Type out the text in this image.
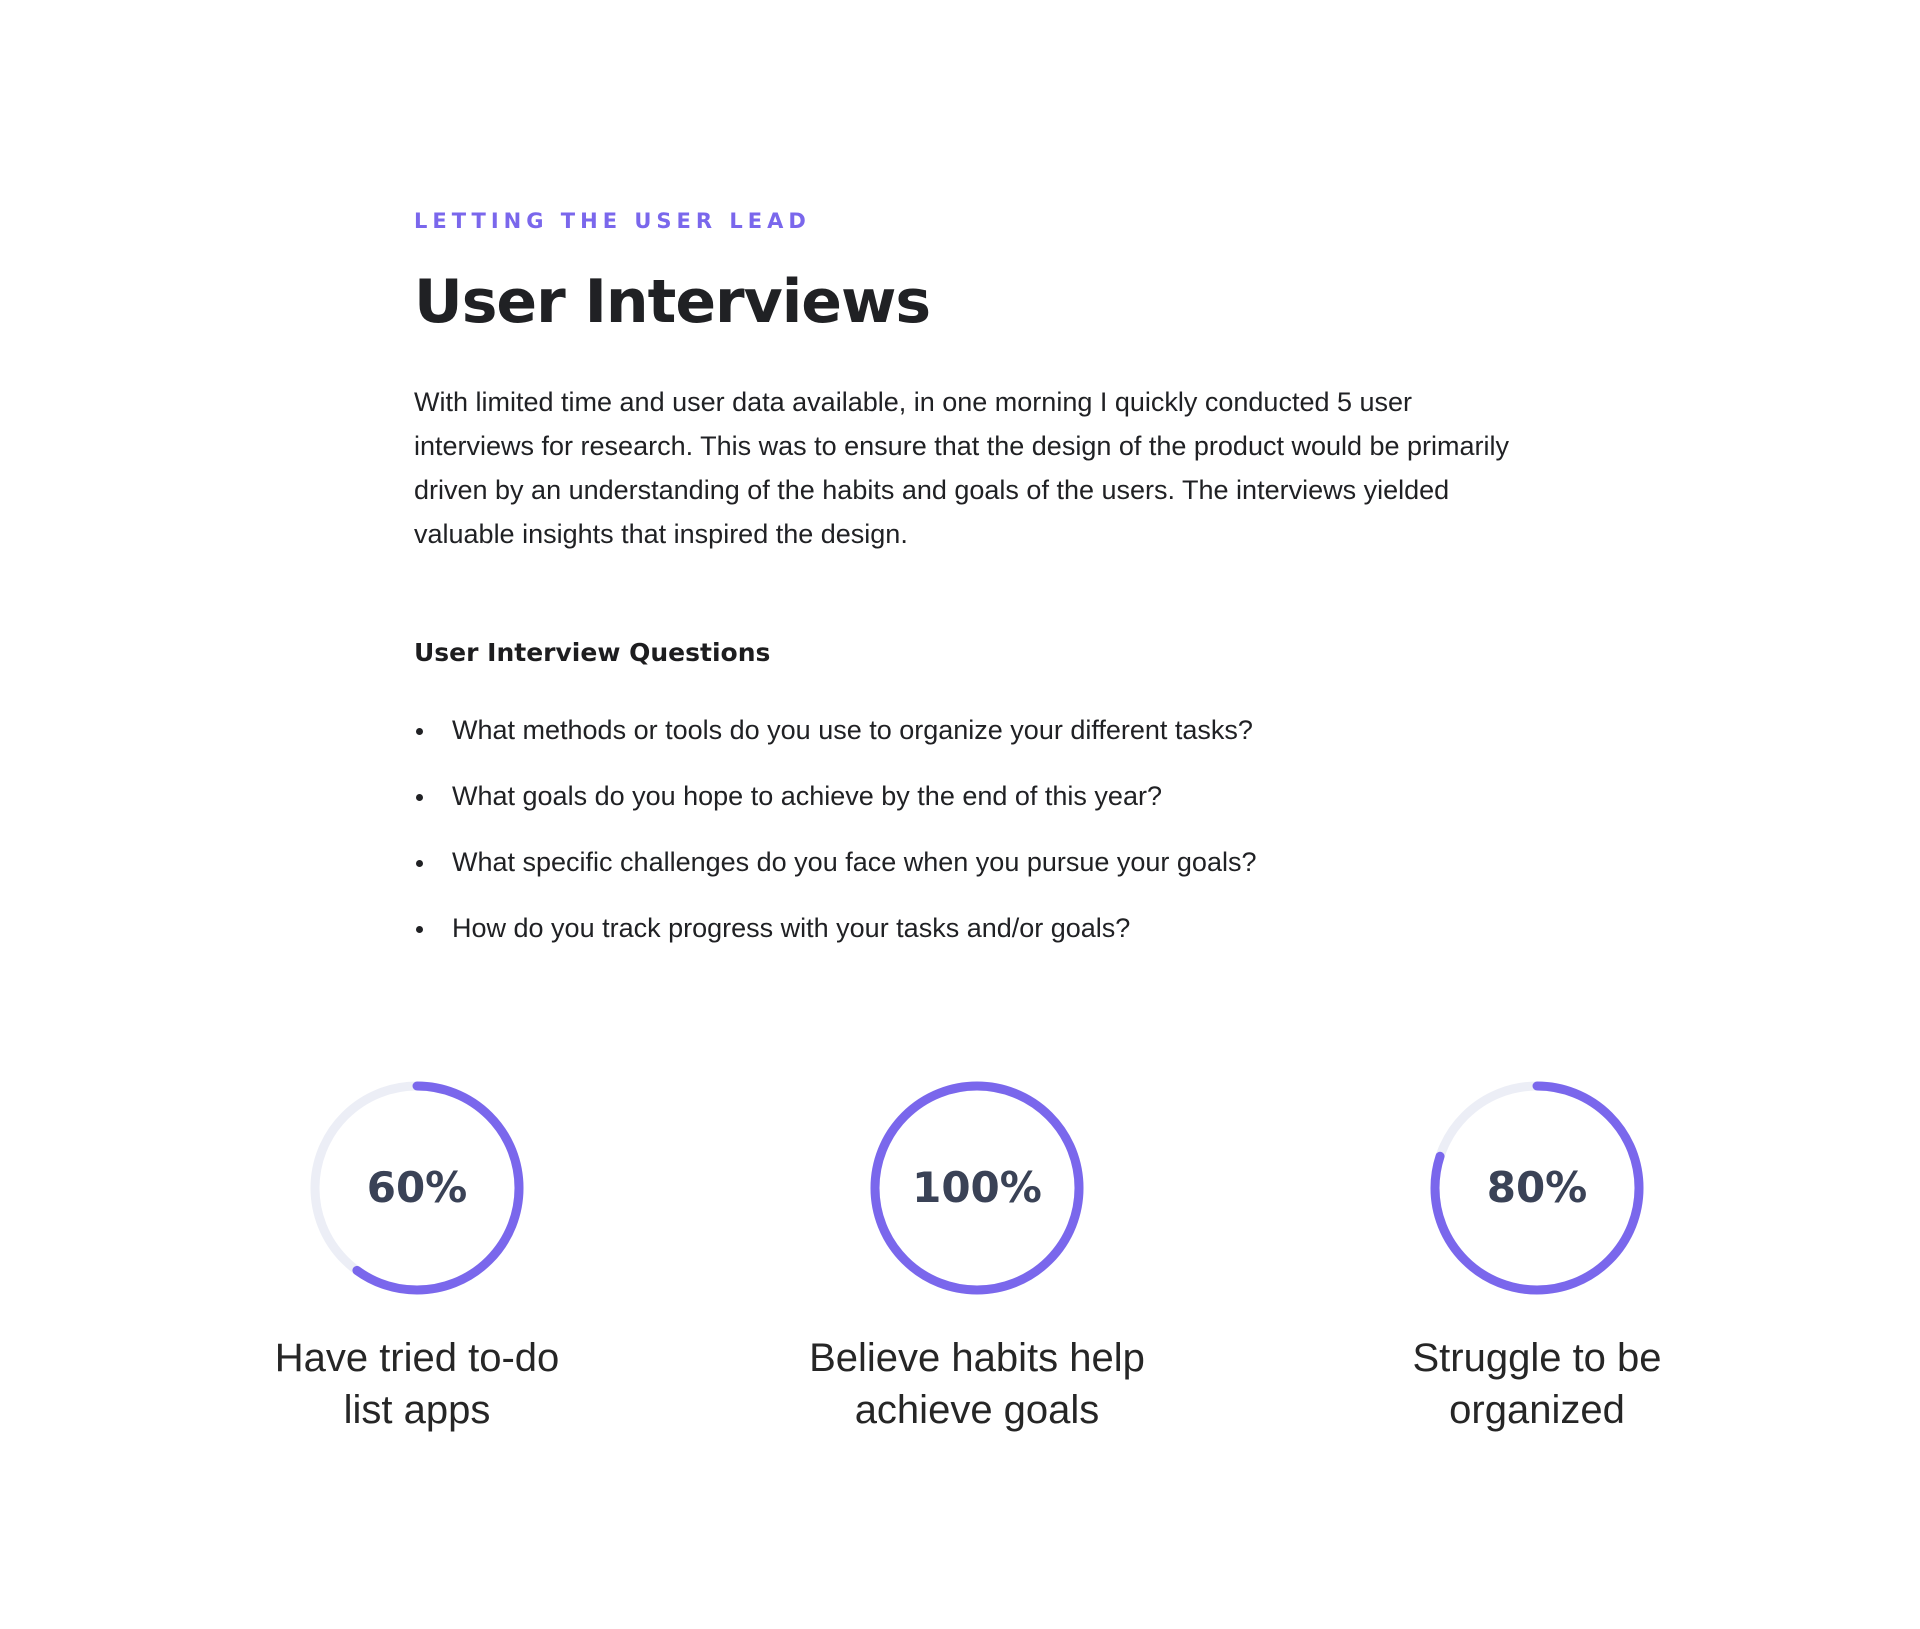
LETTING THE USER LEAD

User Interviews

With limited time and user data available, in one morning I quickly conducted 5 user interviews for research. This was to ensure that the design of the product would be primarily driven by an understanding of the habits and goals of the users. The interviews yielded valuable insights that inspired the design.

User Interview Questions
What methods or tools do you use to organize your different tasks?
What goals do you hope to achieve by the end of this year?
What specific challenges do you face when you pursue your goals?
How do you track progress with your tasks and/or goals?
60%
Have tried to-do
list apps
100%
Believe habits help
achieve goals
80%
Struggle to be
organized
